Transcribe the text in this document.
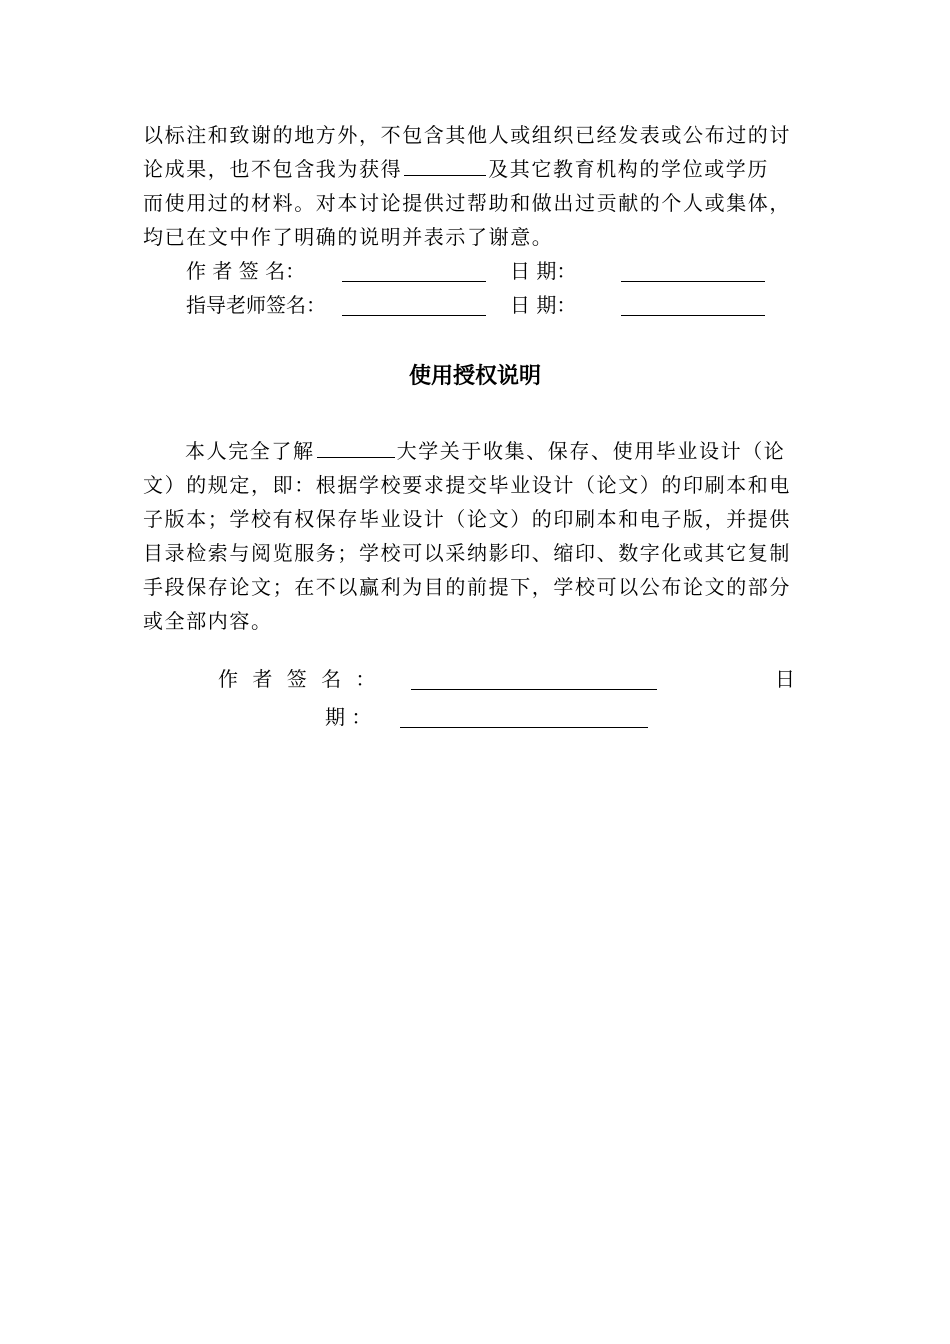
以标注和致谢的地方外，不包含其他人或组织已经发表或公布过的讨
论成果，也不包含我为获得	及其它教育机构的学位或学历
而使用过的材料。对本讨论提供过帮助和做出过贡献的个人或集体，
均已在文中作了明确的说明并表示了谢意。
作 者 签 名：	日 期：
指导老师签名：	日 期：
使用授权说明
本人完全了解	大学关于收集、保存、使用毕业设计（论
文）的规定，即：根据学校要求提交毕业设计（论文）的印刷本和电
子版本；学校有权保存毕业设计（论文）的印刷本和电子版，并提供
目录检索与阅览服务；学校可以采纳影印、缩印、数字化或其它复制
手段保存论文；在不以赢利为目的前提下，学校可以公布论文的部分
或全部内容。
作 者 签 名 ：	日
期 ：
